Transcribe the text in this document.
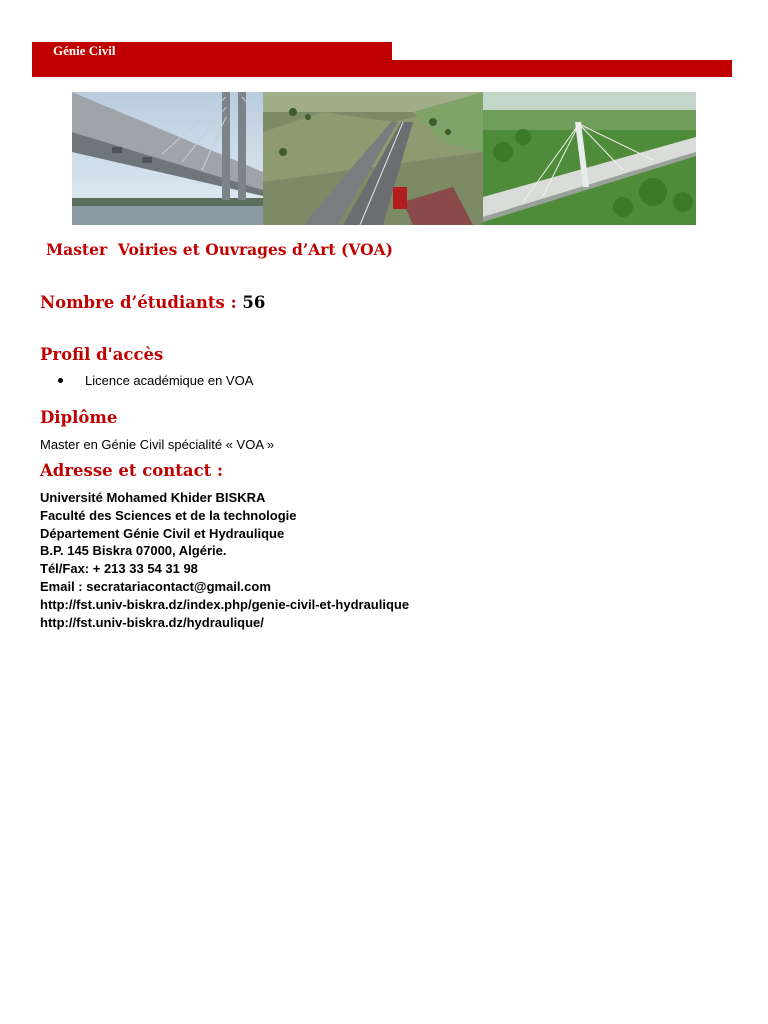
Génie Civil
Master  Voiries et Ouvrages d’Art (VOA)
Nombre d’étudiants : 56
Profil d'accès
Licence académique en VOA
Diplôme
Master en Génie Civil spécialité « VOA »
Adresse et contact :
Université Mohamed Khider BISKRA
Faculté des Sciences et de la technologie
Département Génie Civil et Hydraulique
B.P. 145 Biskra 07000, Algérie.
Tél/Fax: + 213 33 54 31 98
Email : secratariacontact@gmail.com
http://fst.univ-biskra.dz/index.php/genie-civil-et-hydraulique
http://fst.univ-biskra.dz/hydraulique/
